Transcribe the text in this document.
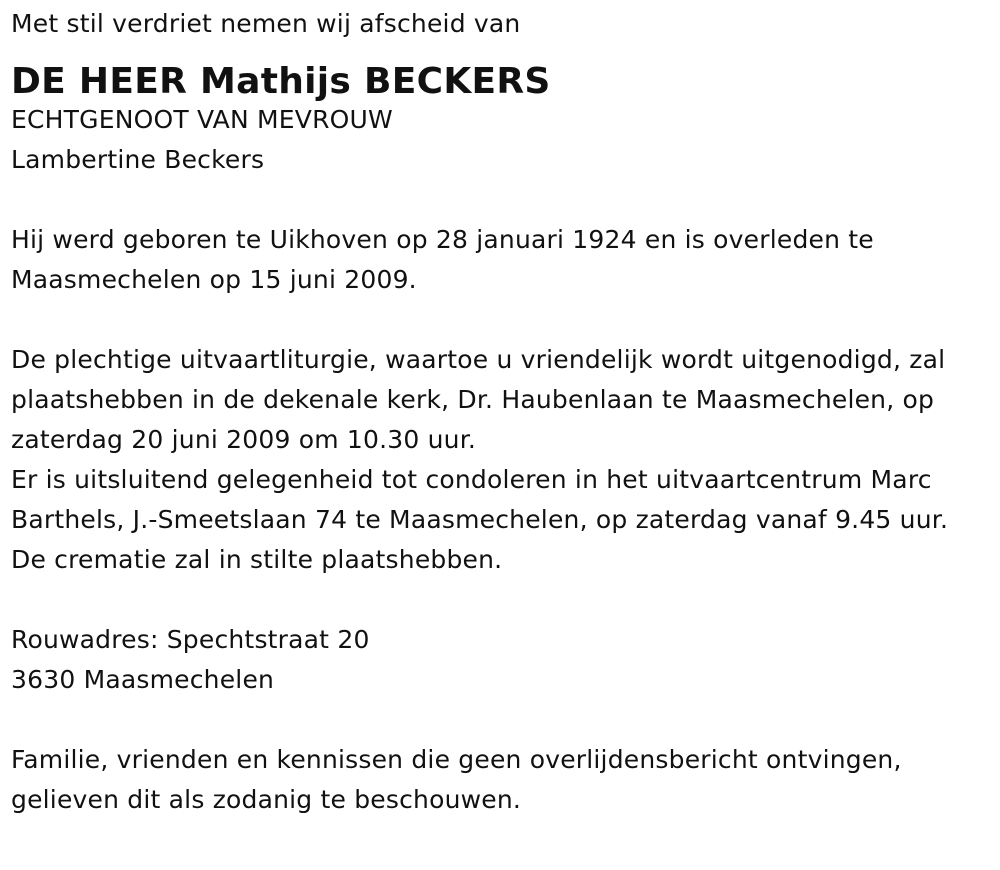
Met stil verdriet nemen wij afscheid van
DE HEER Mathijs BECKERS
ECHTGENOOT VAN MEVROUW
Lambertine Beckers
Hij werd geboren te Uikhoven op 28 januari 1924 en is overleden te
Maasmechelen op 15 juni 2009.
De plechtige uitvaartliturgie, waartoe u vriendelijk wordt uitgenodigd, zal
plaatshebben in de dekenale kerk, Dr. Haubenlaan te Maasmechelen, op
zaterdag 20 juni 2009 om 10.30 uur.
Er is uitsluitend gelegenheid tot condoleren in het uitvaartcentrum Marc
Barthels, J.-Smeetslaan 74 te Maasmechelen, op zaterdag vanaf 9.45 uur.
De crematie zal in stilte plaatshebben.
Rouwadres: Spechtstraat 20
3630 Maasmechelen
Familie, vrienden en kennissen die geen overlijdensbericht ontvingen,
gelieven dit als zodanig te beschouwen.
